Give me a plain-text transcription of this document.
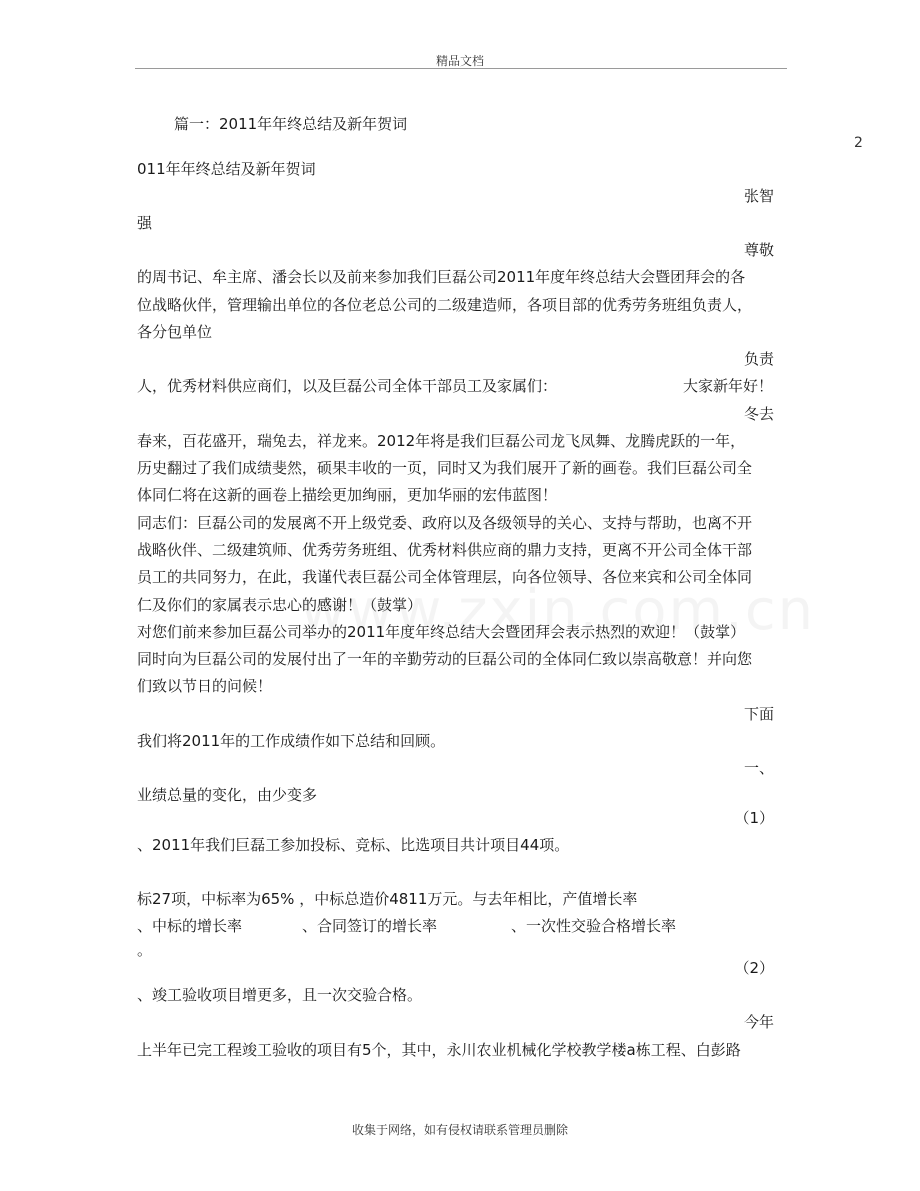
精品文档
2
篇一：2011年年终总结及新年贺词
011年年终总结及新年贺词
张智
强
尊敬
的周书记、牟主席、潘会长以及前来参加我们巨磊公司2011年度年终总结大会暨团拜会的各
位战略伙伴，管理输出单位的各位老总公司的二级建造师，各项目部的优秀劳务班组负责人，
各分包单位
负责
人，优秀材料供应商们，以及巨磊公司全体干部员工及家属们：	大家新年好！
冬去
春来，百花盛开，瑞兔去，祥龙来。2012年将是我们巨磊公司龙飞凤舞、龙腾虎跃的一年，
历史翻过了我们成绩斐然，硕果丰收的一页，同时又为我们展开了新的画卷。我们巨磊公司全
体同仁将在这新的画卷上描绘更加绚丽，更加华丽的宏伟蓝图！
同志们：巨磊公司的发展离不开上级党委、政府以及各级领导的关心、支持与帮助，也离不开
战略伙伴、二级建筑师、优秀劳务班组、优秀材料供应商的鼎力支持，更离不开公司全体干部
员工的共同努力，在此，我谨代表巨磊公司全体管理层，向各位领导、各位来宾和公司全体同
仁及你们的家属表示忠心的感谢！（鼓掌）
对您们前来参加巨磊公司举办的2011年度年终总结大会暨团拜会表示热烈的欢迎！（鼓掌）
同时向为巨磊公司的发展付出了一年的辛勤劳动的巨磊公司的全体同仁致以崇高敬意！并向您
们致以节日的问候！
下面
我们将2011年的工作成绩作如下总结和回顾。
一、
业绩总量的变化，由少变多
（1）
、2011年我们巨磊工参加投标、竞标、比选项目共计项目44项。
标27项，中标率为65% ，中标总造价4811万元。与去年相比，产值增长率
、中标的增长率	、合同签订的增长率	、一次性交验合格增长率
。
（2）
、竣工验收项目增更多，且一次交验合格。
今年
上半年已完工程竣工验收的项目有5个，其中，永川农业机械化学校教学楼a栋工程、白彭路
收集于网络，如有侵权请联系管理员删除
